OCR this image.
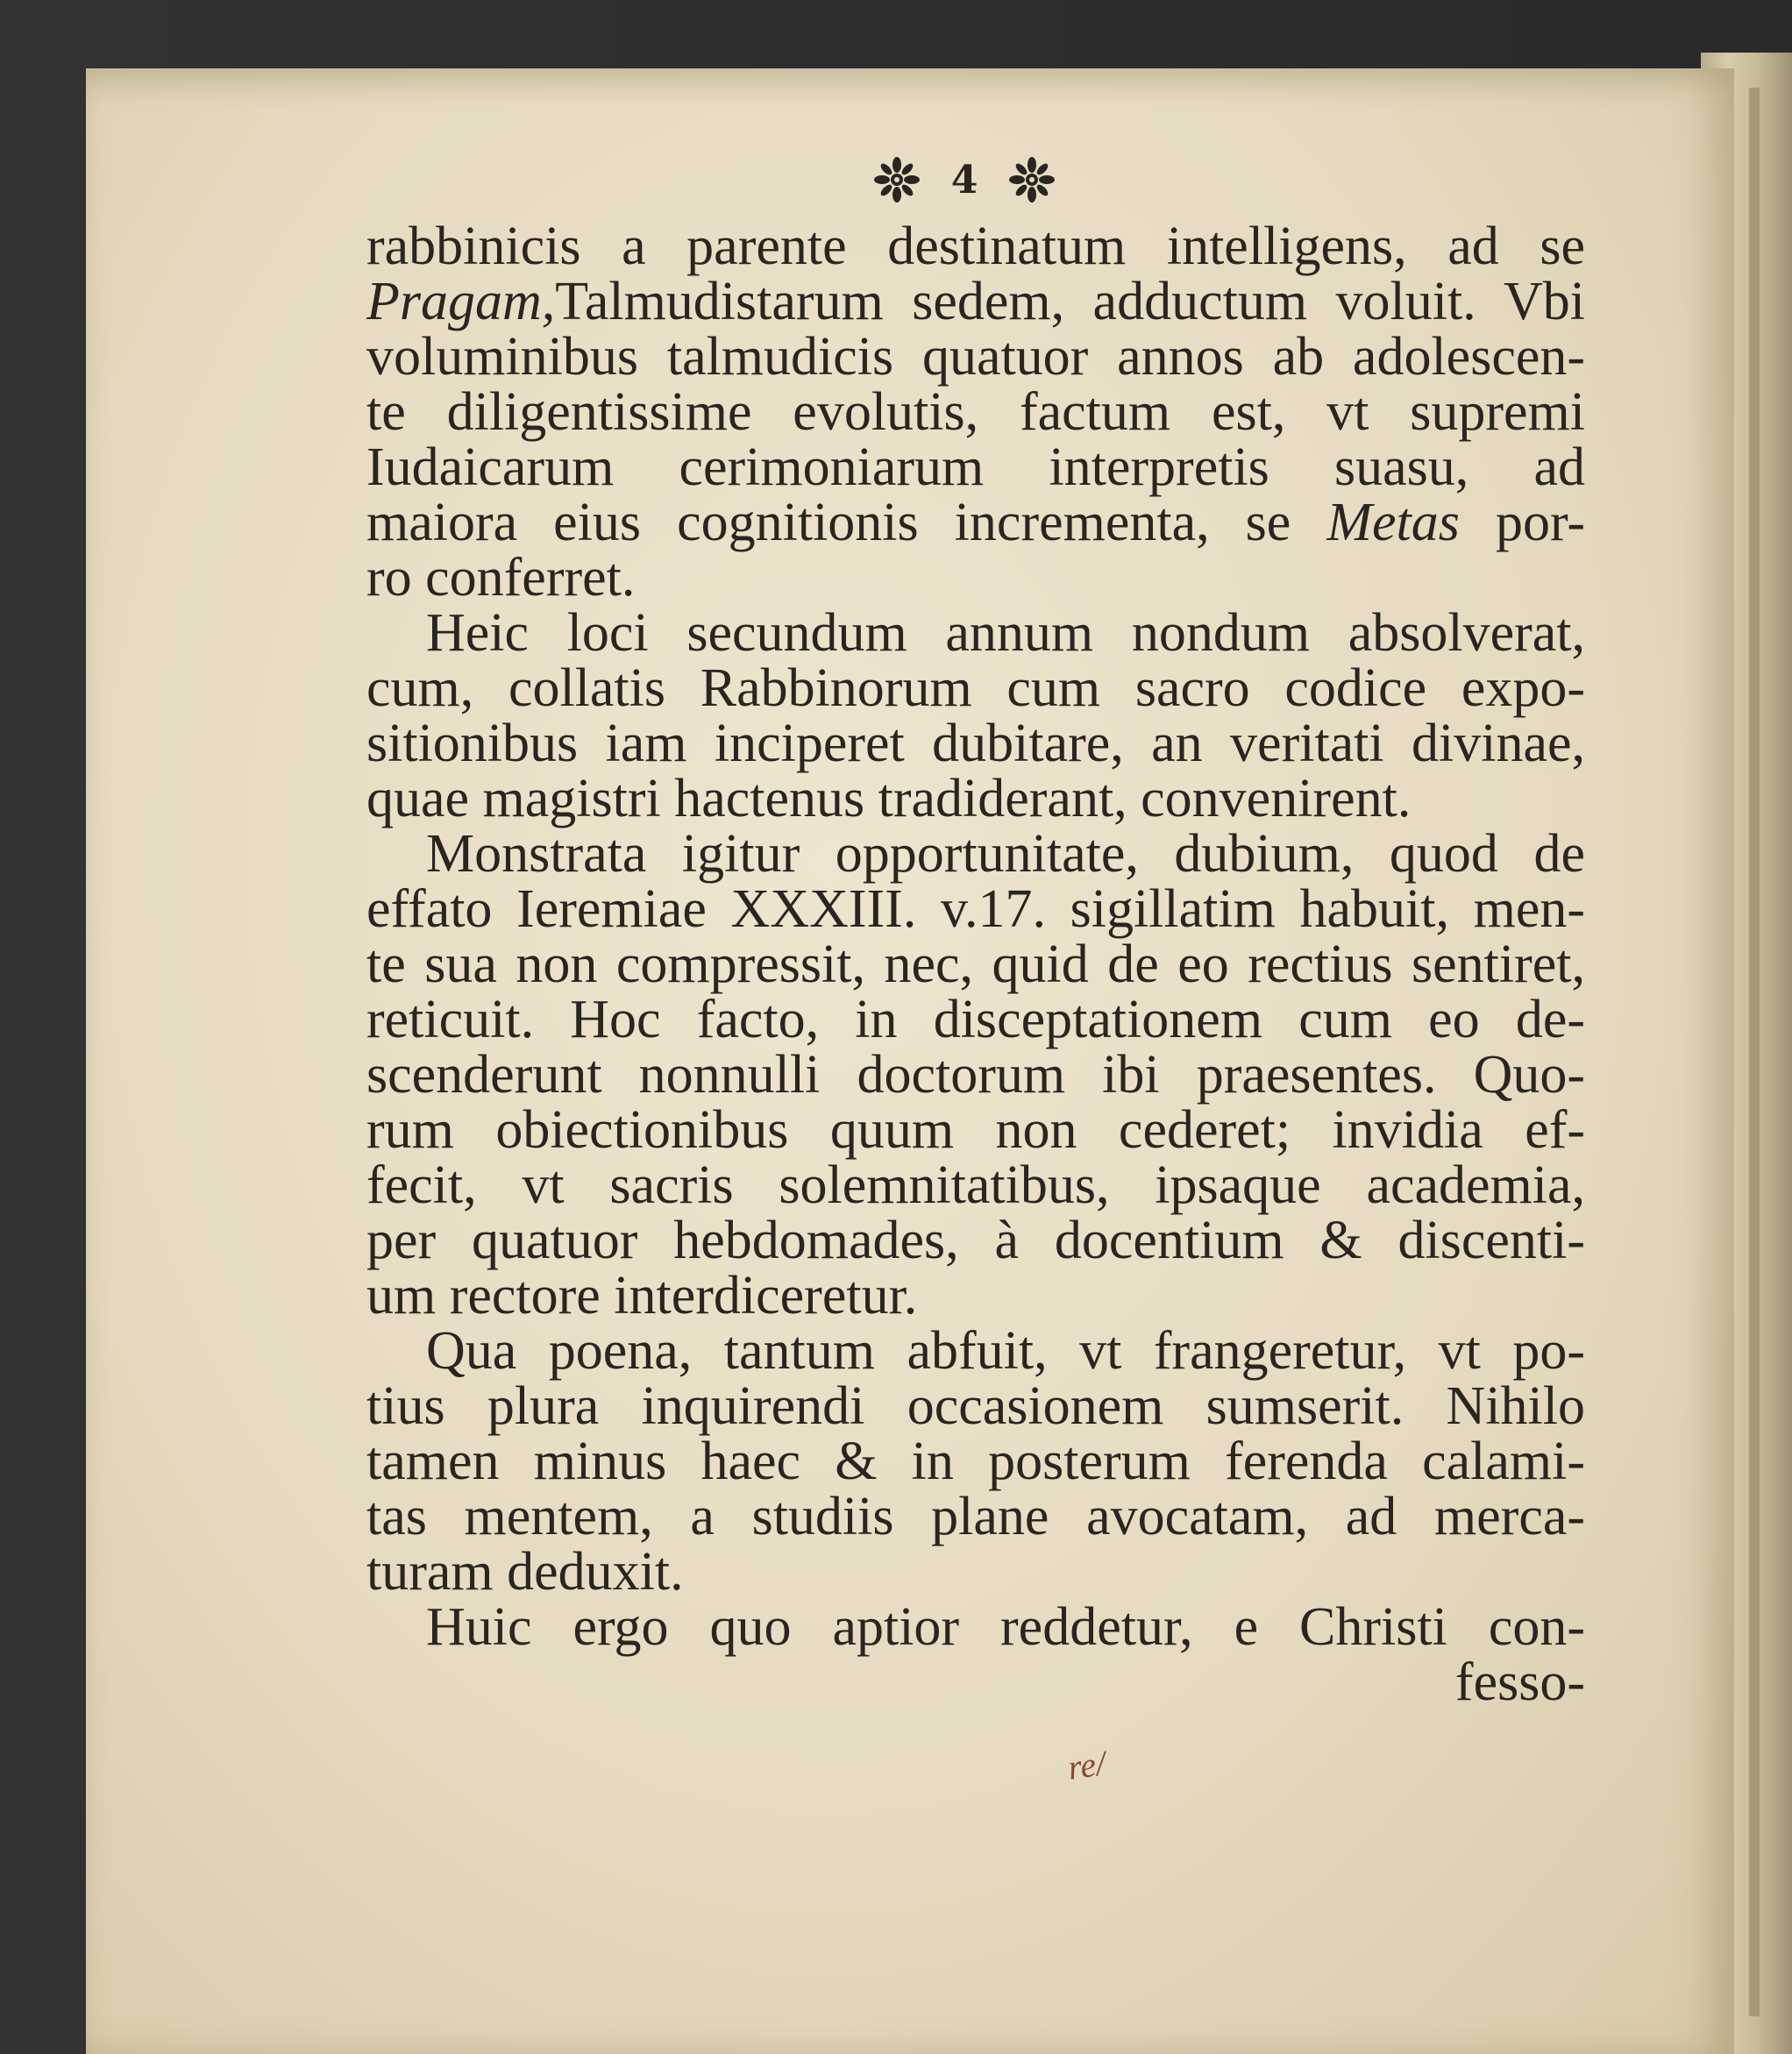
4
rabbinicis a parente destinatum intelligens, ad se
Pragam,Talmudistarum sedem, adductum voluit. Vbi
voluminibus talmudicis quatuor annos ab adolescen-
te diligentissime evolutis, factum est, vt supremi
Iudaicarum cerimoniarum interpretis suasu, ad
maiora eius cognitionis incrementa, se Metas por-
ro conferret.
Heic loci secundum annum nondum absolverat,
cum, collatis Rabbinorum cum sacro codice expo-
sitionibus iam inciperet dubitare, an veritati divinae,
quae magistri hactenus tradiderant, convenirent.
Monstrata igitur opportunitate, dubium, quod de
effato Ieremiae XXXIII. v.17. sigillatim habuit, men-
te sua non compressit, nec, quid de eo rectius sentiret,
reticuit. Hoc facto, in disceptationem cum eo de-
scenderunt nonnulli doctorum ibi praesentes. Quo-
rum obiectionibus quum non cederet; invidia ef-
fecit, vt sacris solemnitatibus, ipsaque academia,
per quatuor hebdomades, à docentium & discenti-
um rectore interdiceretur.
Qua poena, tantum abfuit, vt frangeretur, vt po-
tius plura inquirendi occasionem sumserit. Nihilo
tamen minus haec & in posterum ferenda calami-
tas mentem, a studiis plane avocatam, ad merca-
turam deduxit.
Huic ergo quo aptior reddetur, e Christi con-
fesso-
re/
